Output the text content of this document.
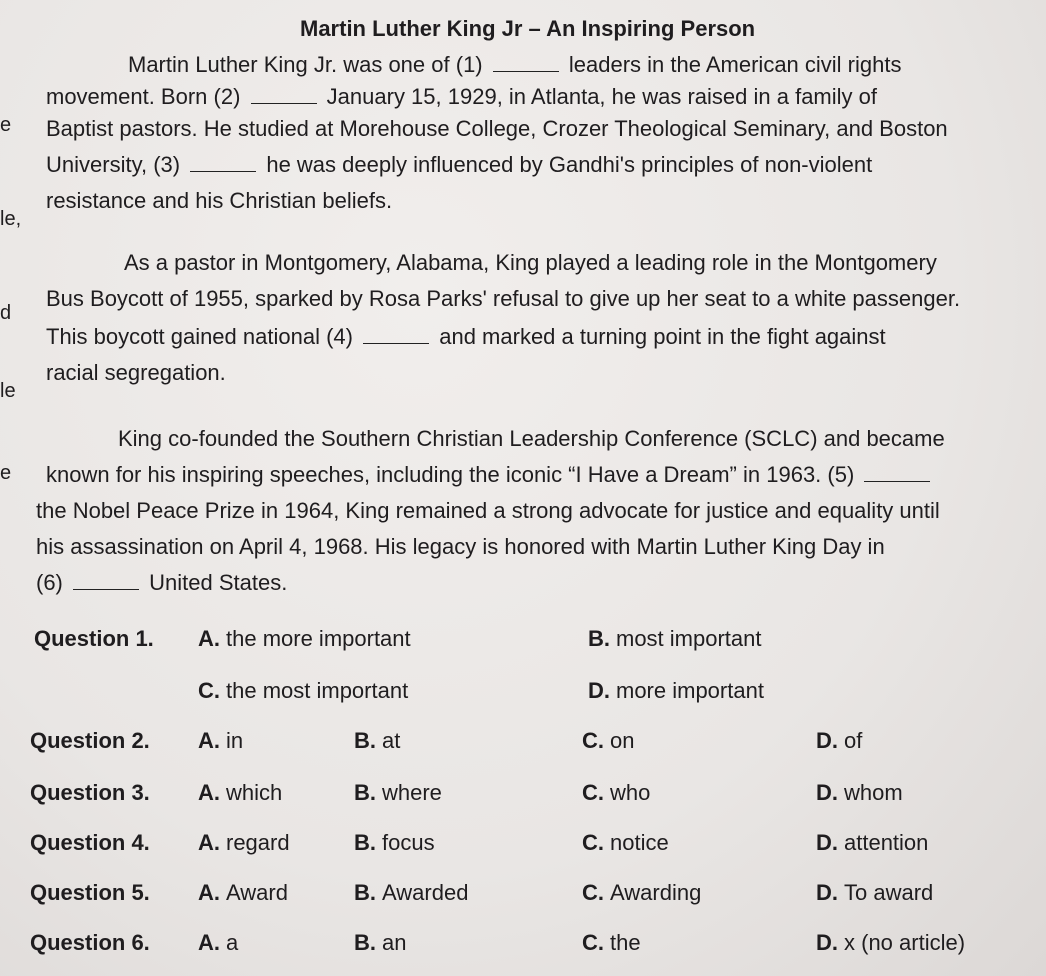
Martin Luther King Jr – An Inspiring Person
e
le,
d
le
e
Martin Luther King Jr. was one of (1)	leaders in the American civil rights
movement. Born (2)	January 15, 1929, in Atlanta, he was raised in a family of
Baptist pastors. He studied at Morehouse College, Crozer Theological Seminary, and Boston
University, (3)	he was deeply influenced by Gandhi's principles of non-violent
resistance and his Christian beliefs.
As a pastor in Montgomery, Alabama, King played a leading role in the Montgomery
Bus Boycott of 1955, sparked by Rosa Parks' refusal to give up her seat to a white passenger.
This boycott gained national (4)	and marked a turning point in the fight against
racial segregation.
King co-founded the Southern Christian Leadership Conference (SCLC) and became
known for his inspiring speeches, including the iconic “I Have a Dream” in 1963. (5)
the Nobel Peace Prize in 1964, King remained a strong advocate for justice and equality until
his assassination on April 4, 1968. His legacy is honored with Martin Luther King Day in
(6)	United States.
Question 1. A. the more important	B. most important
C. the most important	D. more important
Question 2. A. in	B. at	C. on	D. of
Question 3. A. which	B. where	C. who	D. whom
Question 4. A. regard	B. focus	C. notice	D. attention
Question 5. A. Award	B. Awarded	C. Awarding	D. To award
Question 6. A. a	B. an	C. the	D. x (no article)
